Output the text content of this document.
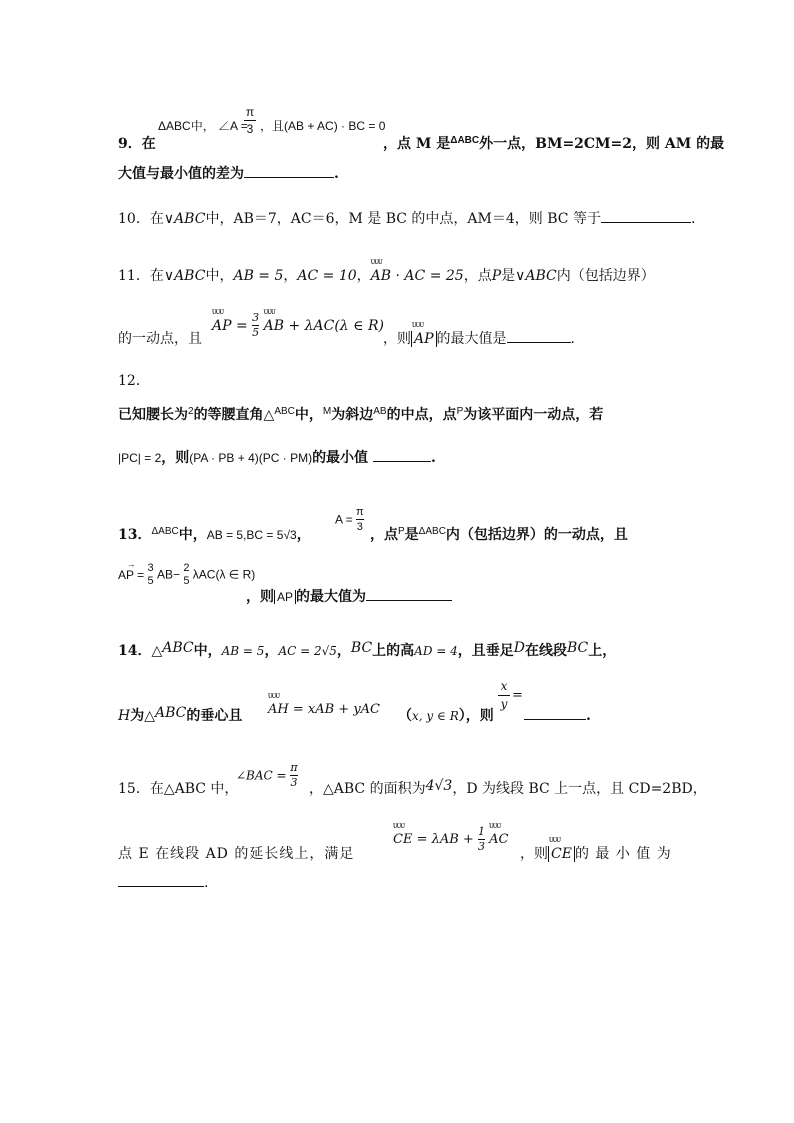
ΔABC中， ∠A =
π
3 ，且(AB + AC) · BC = 0
9．在	，点 M 是$^{\Delta ABC}$外一点，BM=2CM=2，则 AM 的最
大值与最小值的差为	.
10．在∨ABC中，AB＝7，AC＝6，M 是 BC 的中点，AM＝4，则 BC 等于	.
11．在∨ABC中，AB = 5，AC = 10，ᴜᴜᴜ AB · AC = 25，点P是∨ABC内（包括边界）
的一动点，且
ᴜᴜᴜ AP = $\frac{3}{5}$ ᴜᴜᴜ AB + λAC(λ ∈ R)
，则 ᴜᴜᴜ AP 的最大值是	.
12．
已知腰长为$^2$的等腰直角△$^{ABC}$中，$^M$为斜边$^{AB}$的中点，点$^P$为该平面内一动点，若
|PC| = 2，则(PA · PB + 4)(PC · PM)的最小值	.
$A = \frac{\pi}{3}$
13．$^{\Delta ABC}$中，AB = 5,BC = 5√3，	，点$^P$是$^{\Delta ABC}$内（包括边界）的一动点，且
→ AP = 3
5 AB− 2
5 λAC(λ ∈ R)
，则 AP 的最大值为
14．△ABC中，AB = 5，AC = 2√5，BC上的高AD = 4，且垂足D在线段BC上，
H为△ABC的垂心且 ᴜᴜᴜ AH = xAB + yAC （x, y ∈ R），则
x
y
=
.
∠BAC = $\frac{\pi}{3}$
15．在△ABC 中，	，△ABC 的面积为4√3，D 为线段 BC 上一点，且 CD=2BD，
ᴜᴜᴜ CE = $\lambda AB + \frac{1}{3}$ ᴜᴜᴜ AC
点 E 在线段 AD 的延长线上，满足	，则 ᴜᴜᴜ CE 的 最 小 值 为
.
